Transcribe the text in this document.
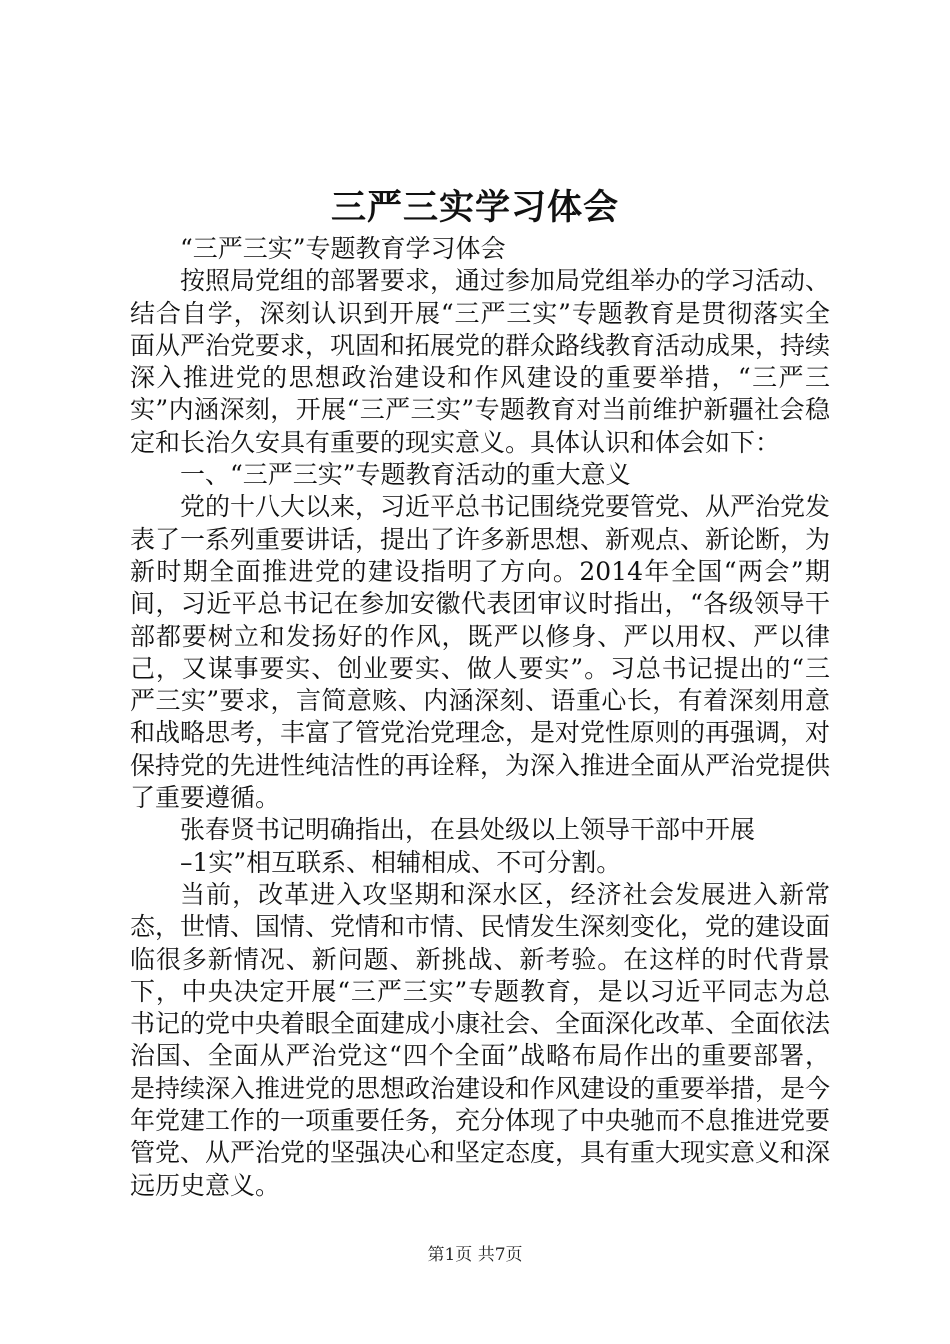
三严三实学习体会

“三严三实”专题教育学习体会

按照局党组的部署要求，通过参加局党组举办的学习活动、结合自学，深刻认识到开展“三严三实”专题教育是贯彻落实全面从严治党要求，巩固和拓展党的群众路线教育活动成果，持续深入推进党的思想政治建设和作风建设的重要举措，“三严三实”内涵深刻，开展“三严三实”专题教育对当前维护新疆社会稳定和长治久安具有重要的现实意义。具体认识和体会如下：

一、“三严三实”专题教育活动的重大意义

党的十八大以来，习近平总书记围绕党要管党、从严治党发表了一系列重要讲话，提出了许多新思想、新观点、新论断，为新时期全面推进党的建设指明了方向。2014年全国“两会”期间，习近平总书记在参加安徽代表团审议时指出，“各级领导干部都要树立和发扬好的作风，既严以修身、严以用权、严以律己，又谋事要实、创业要实、做人要实”。习总书记提出的“三严三实”要求，言简意赅、内涵深刻、语重心长，有着深刻用意和战略思考，丰富了管党治党理念，是对党性原则的再强调，对保持党的先进性纯洁性的再诠释，为深入推进全面从严治党提供了重要遵循。

张春贤书记明确指出，在县处级以上领导干部中开展

–1实”相互联系、相辅相成、不可分割。

当前，改革进入攻坚期和深水区，经济社会发展进入新常态，世情、国情、党情和市情、民情发生深刻变化，党的建设面临很多新情况、新问题、新挑战、新考验。在这样的时代背景下，中央决定开展“三严三实”专题教育，是以习近平同志为总书记的党中央着眼全面建成小康社会、全面深化改革、全面依法治国、全面从严治党这“四个全面”战略布局作出的重要部署，是持续深入推进党的思想政治建设和作风建设的重要举措，是今年党建工作的一项重要任务，充分体现了中央驰而不息推进党要管党、从严治党的坚强决心和坚定态度，具有重大现实意义和深远历史意义。

第1页 共7页
